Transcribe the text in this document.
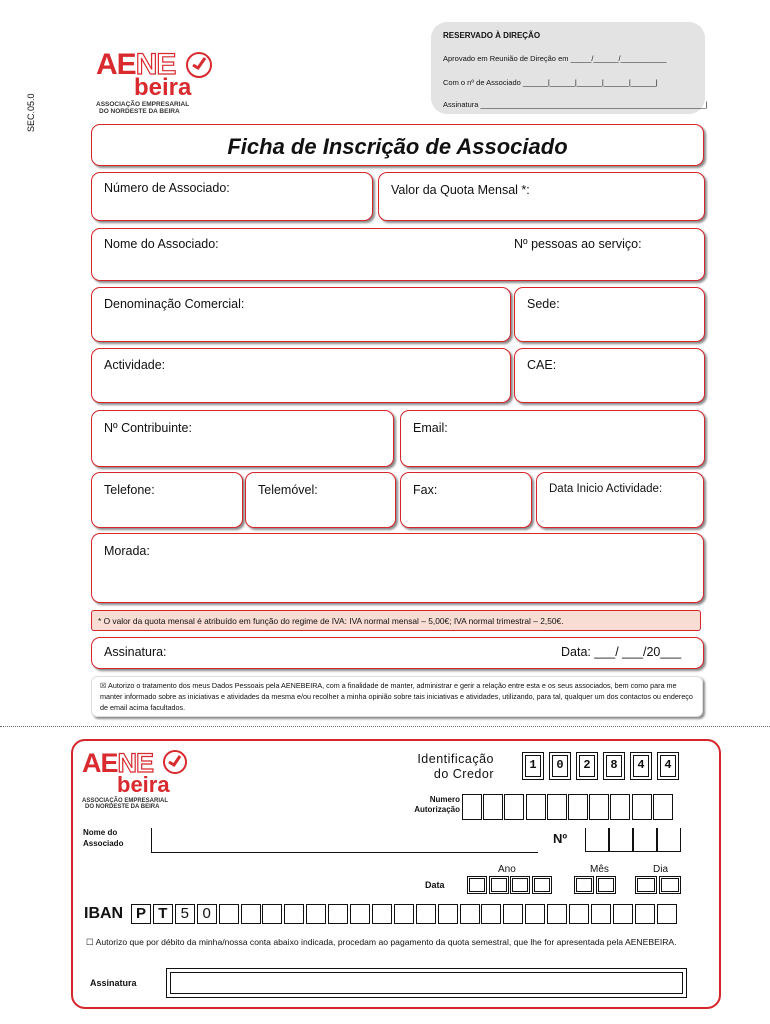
SEC.05.0
AENE
beira
ASSOCIAÇÃO EMPRESARIAL
DO NORDESTE DA BEIRA
RESERVADO À DIREÇÃO
Aprovado em Reunião de Direção em _____/______/___________
Com o nº de Associado ______|______|______|______|______|
Assinatura ______________________________________________________|
Ficha de Inscrição de Associado
Número de Associado:	Valor da Quota Mensal *:
Nome do Associado:	Nº pessoas ao serviço:
Denominação Comercial:	Sede:
Actividade:	CAE:
Nº Contribuinte:	Email:
Telefone:	Telemóvel:	Fax:	Data Inicio Actividade:
Morada:
* O valor da quota mensal é atribuído em função do regime de IVA: IVA normal mensal – 5,00€; IVA normal trimestral – 2,50€.
Assinatura:	Data: ___/ ___/20___
☒ Autorizo o tratamento dos meus Dados Pessoais pela AENEBEIRA, com a finalidade de manter, administrar e gerir a relação entre esta e os seus associados, bem como para me manter informado sobre as iniciativas e atividades da mesma e/ou recolher a minha opinião sobre tais iniciativas e atividades, utilizando, para tal, qualquer um dos contactos ou endereço de email acima facultados.
AENE
beira
ASSOCIAÇÃO EMPRESARIAL
DO NORDESTE DA BEIRA
Identificação
do Credor
Numero
Autorização
Nome do
Associado	Nº
Ano	Mês	Dia
Data
IBAN
☐ Autorizo que por débito da minha/nossa conta abaixo indicada, procedam ao pagamento da quota semestral, que lhe for apresentada pela AENEBEIRA.
Assinatura
1	0	2	8	4	4
P T 5 0
